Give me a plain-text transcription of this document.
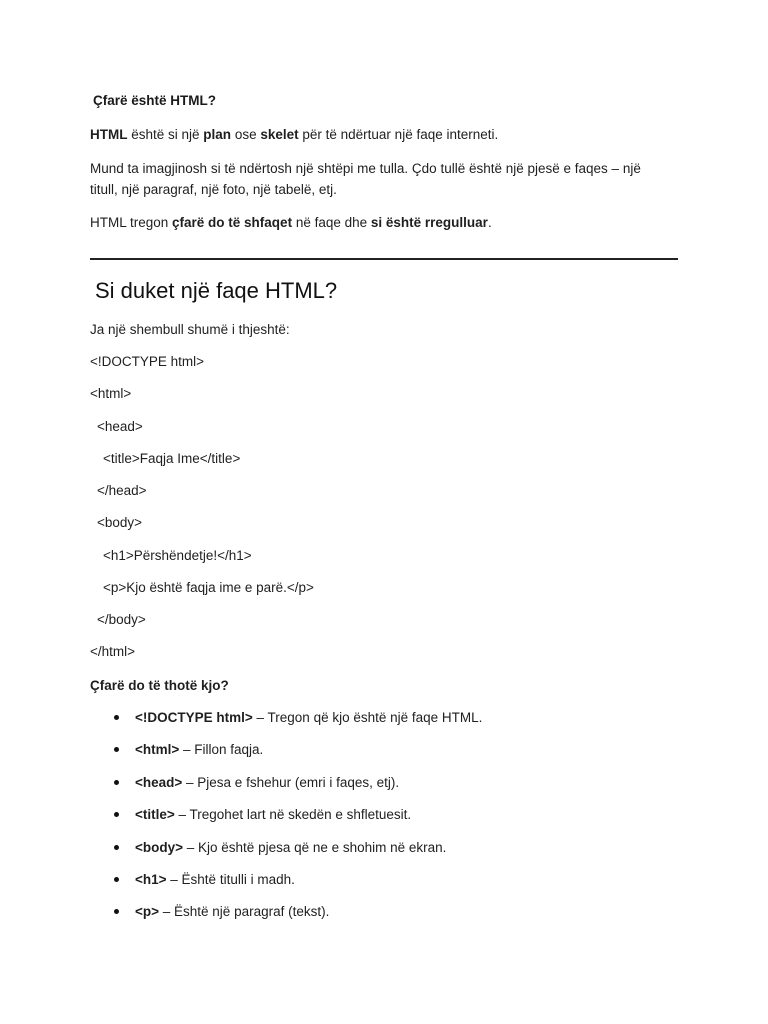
Çfarë është HTML?
HTML është si një plan ose skelet për të ndërtuar një faqe interneti.
Mund ta imagjinosh si të ndërtosh një shtëpi me tulla. Çdo tullë është një pjesë e faqes – një
titull, një paragraf, një foto, një tabelë, etj.
HTML tregon çfarë do të shfaqet në faqe dhe si është rregulluar.
Si duket një faqe HTML?
Ja një shembull shumë i thjeshtë:
<!DOCTYPE html>
<html>
<head>
<title>Faqja Ime</title>
</head>
<body>
<h1>Përshëndetje!</h1>
<p>Kjo është faqja ime e parë.</p>
</body>
</html>
Çfarë do të thotë kjo?
<!DOCTYPE html> – Tregon që kjo është një faqe HTML.
<html> – Fillon faqja.
<head> – Pjesa e fshehur (emri i faqes, etj).
<title> – Tregohet lart në skedën e shfletuesit.
<body> – Kjo është pjesa që ne e shohim në ekran.
<h1> – Është titulli i madh.
<p> – Është një paragraf (tekst).
